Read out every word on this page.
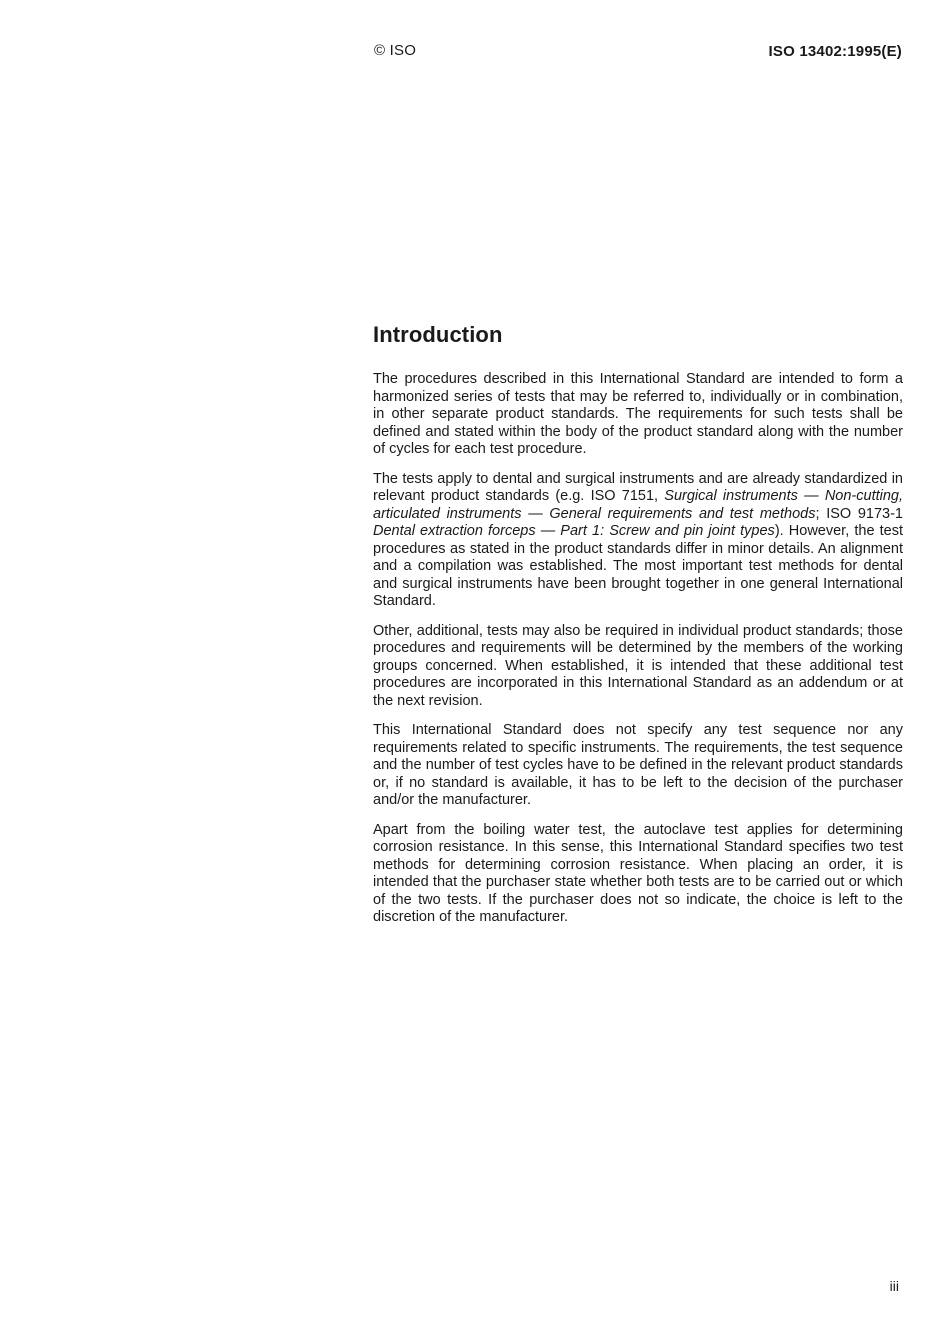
© ISO	ISO 13402:1995(E)
Introduction

The procedures described in this International Standard are intended to form a harmonized series of tests that may be referred to, individually or in combination, in other separate product standards. The requirements for such tests shall be defined and stated within the body of the product standard along with the number of cycles for each test procedure.

The tests apply to dental and surgical instruments and are already standardized in relevant product standards (e.g. ISO 7151, Surgical instruments — Non-cutting, articulated instruments — General requirements and test methods; ISO 9173-1 Dental extraction forceps — Part 1: Screw and pin joint types). However, the test procedures as stated in the product standards differ in minor details. An alignment and a compilation was established. The most important test methods for dental and surgical instruments have been brought together in one general International Standard.

Other, additional, tests may also be required in individual product standards; those procedures and requirements will be determined by the members of the working groups concerned. When established, it is intended that these additional test procedures are incorporated in this International Standard as an addendum or at the next revision.

This International Standard does not specify any test sequence nor any requirements related to specific instruments. The requirements, the test sequence and the number of test cycles have to be defined in the relevant product standards or, if no standard is available, it has to be left to the decision of the purchaser and/or the manufacturer.

Apart from the boiling water test, the autoclave test applies for determining corrosion resistance. In this sense, this International Standard specifies two test methods for determining corrosion resistance. When placing an order, it is intended that the purchaser state whether both tests are to be carried out or which of the two tests. If the purchaser does not so indicate, the choice is left to the discretion of the manufacturer.

iii
